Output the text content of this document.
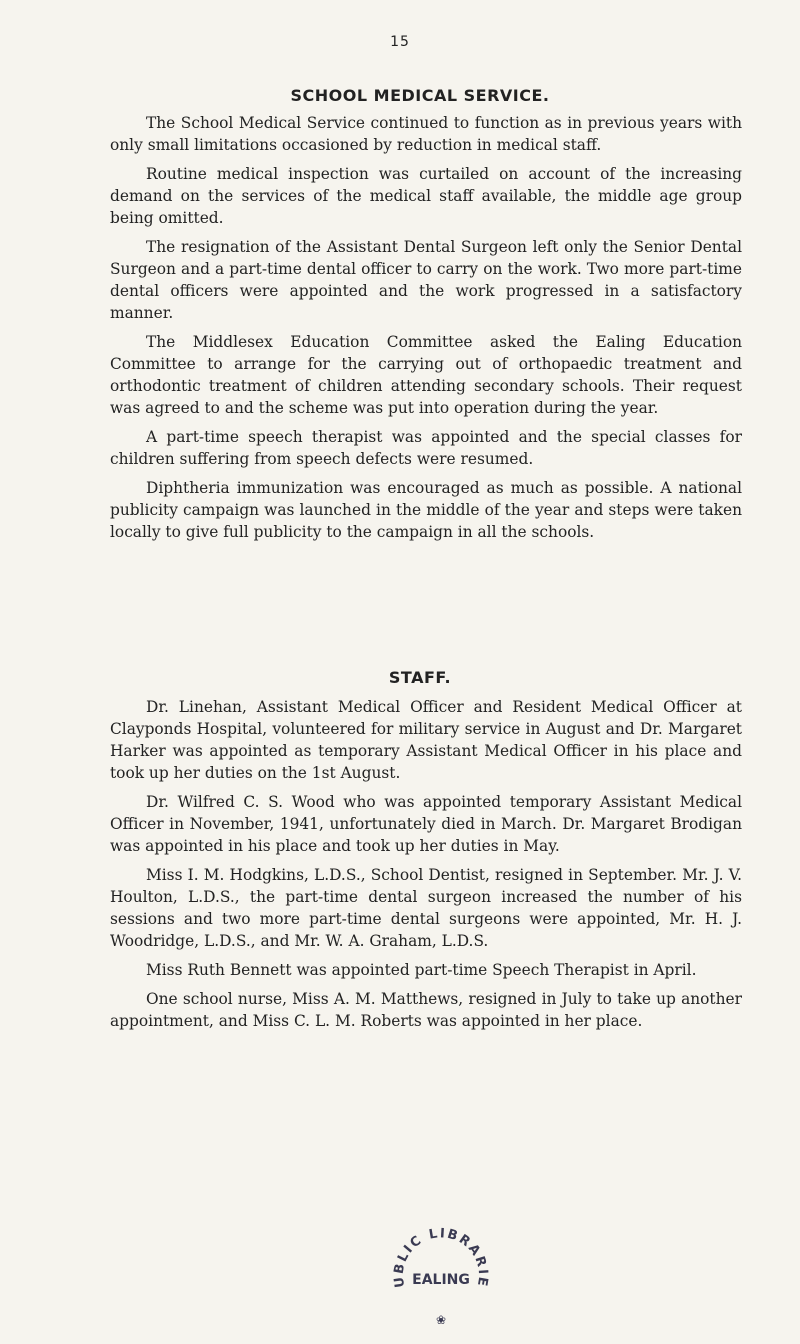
15
SCHOOL MEDICAL SERVICE.

The School Medical Service continued to function as in previous years with only small limitations occasioned by reduction in medical staff.

Routine medical inspection was curtailed on account of the increasing demand on the services of the medical staff available, the middle age group being omitted.

The resignation of the Assistant Dental Surgeon left only the Senior Dental Surgeon and a part-time dental officer to carry on the work. Two more part-time dental officers were appointed and the work progressed in a satisfactory manner.

The Middlesex Education Committee asked the Ealing Education Committee to arrange for the carrying out of orthopaedic treatment and orthodontic treatment of children attending secondary schools. Their request was agreed to and the scheme was put into operation during the year.

A part-time speech therapist was appointed and the special classes for children suffering from speech defects were resumed.

Diphtheria immunization was encouraged as much as possible. A national publicity campaign was launched in the middle of the year and steps were taken locally to give full publicity to the campaign in all the schools.

STAFF.

Dr. Linehan, Assistant Medical Officer and Resident Medical Officer at Clayponds Hospital, volunteered for military service in August and Dr. Margaret Harker was appointed as temporary Assistant Medical Officer in his place and took up her duties on the 1st August.

Dr. Wilfred C. S. Wood who was appointed temporary Assistant Medical Officer in November, 1941, unfortunately died in March. Dr. Margaret Brodigan was appointed in his place and took up her duties in May.

Miss I. M. Hodgkins, L.D.S., School Dentist, resigned in September. Mr. J. V. Houlton, L.D.S., the part-time dental surgeon increased the number of his sessions and two more part-time dental surgeons were appointed, Mr. H. J. Woodridge, L.D.S., and Mr. W. A. Graham, L.D.S.

Miss Ruth Bennett was appointed part-time Speech Therapist in April.

One school nurse, Miss A. M. Matthews, resigned in July to take up another appointment, and Miss C. L. M. Roberts was appointed in her place.

UBLIC LIBRARIE
EALING
❀
